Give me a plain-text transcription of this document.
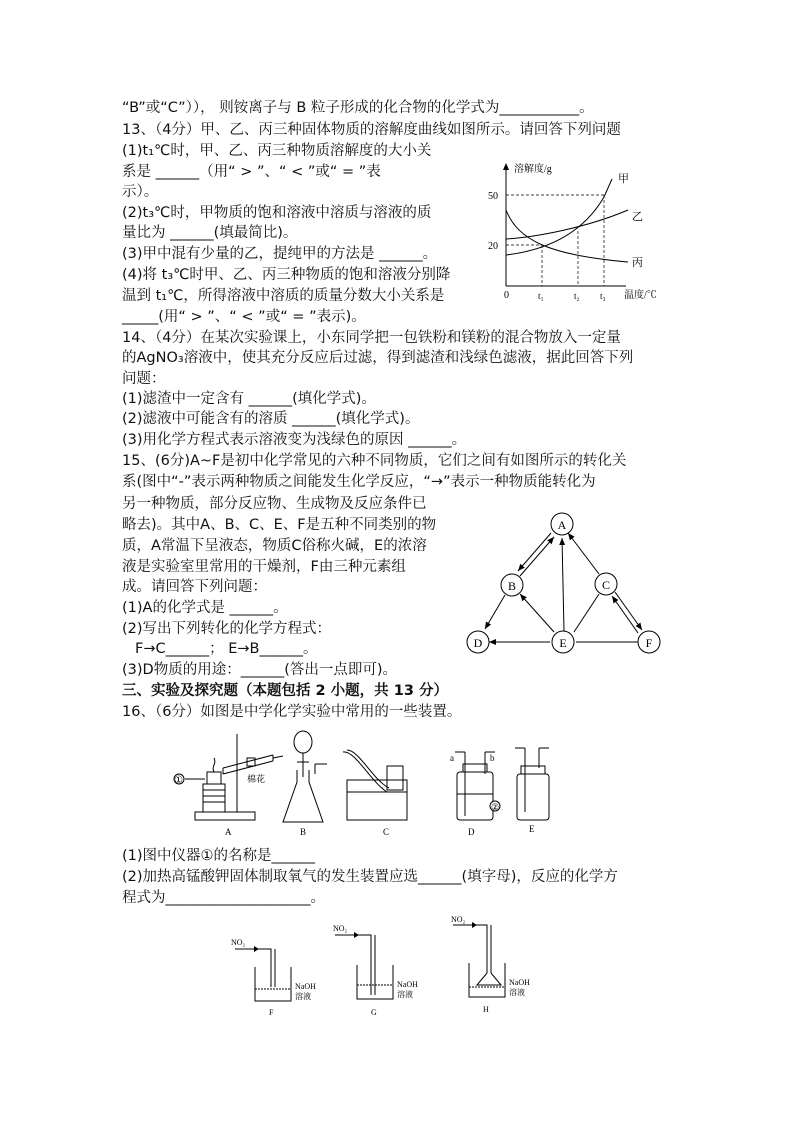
“B”或“C”））， 则铵离子与 B 粒子形成的化合物的化学式为___________。
13、（4分）甲、乙、丙三种固体物质的溶解度曲线如图所示。请回答下列问题
(1)t₁℃时，甲、乙、丙三种物质溶解度的大小关
系是 ______（用“ > ”、“ < ”或“ = ”表
示）。
(2)t₃℃时，甲物质的饱和溶液中溶质与溶液的质
量比为 ______(填最简比)。
(3)甲中混有少量的乙，提纯甲的方法是 ______。
(4)将 t₃℃时甲、乙、丙三种物质的饱和溶液分别降
温到 t₁℃，所得溶液中溶质的质量分数大小关系是
_____(用“ > ”、“ < ”或“ = ”表示)。
14、（4分）在某次实验课上，小东同学把一包铁粉和镁粉的混合物放入一定量
的AgNO₃溶液中，使其充分反应后过滤，得到滤渣和浅绿色滤液，据此回答下列
问题：
(1)滤渣中一定含有 ______(填化学式)。
(2)滤液中可能含有的溶质 ______(填化学式)。
(3)用化学方程式表示溶液变为浅绿色的原因 ______。
15、(6分)A~F是初中化学常见的六种不同物质，它们之间有如图所示的转化关
系(图中“-”表示两种物质之间能发生化学反应，“→”表示一种物质能转化为
另一种物质，部分反应物、生成物及反应条件已
略去)。其中A、B、C、E、F是五种不同类别的物
质，A常温下呈液态，物质C俗称火碱，E的浓溶
液是实验室里常用的干燥剂，F由三种元素组
成。请回答下列问题：
(1)A的化学式是 ______。
(2)写出下列转化的化学方程式：
F→C______； E→B______。
(3)D物质的用途：______(答出一点即可)。
三、实验及探究题（本题包括 2 小题，共 13 分）
16、（6分）如图是中学化学实验中常用的一些装置。
(1)图中仪器①的名称是______
(2)加热高锰酸钾固体制取氧气的发生装置应选______(填字母)，反应的化学方
程式为____________________。
溶解度/g
温度/℃
0
50
20
t₁	t₂ t₃
甲
乙
丙
A
B	C
D	E	F
①	棉花
A	B	C
a	b
②
D	E
NO₂
NaOH
溶液
F
NO₂
NaOH
溶液
G
NO₂
NaOH
溶液
H
